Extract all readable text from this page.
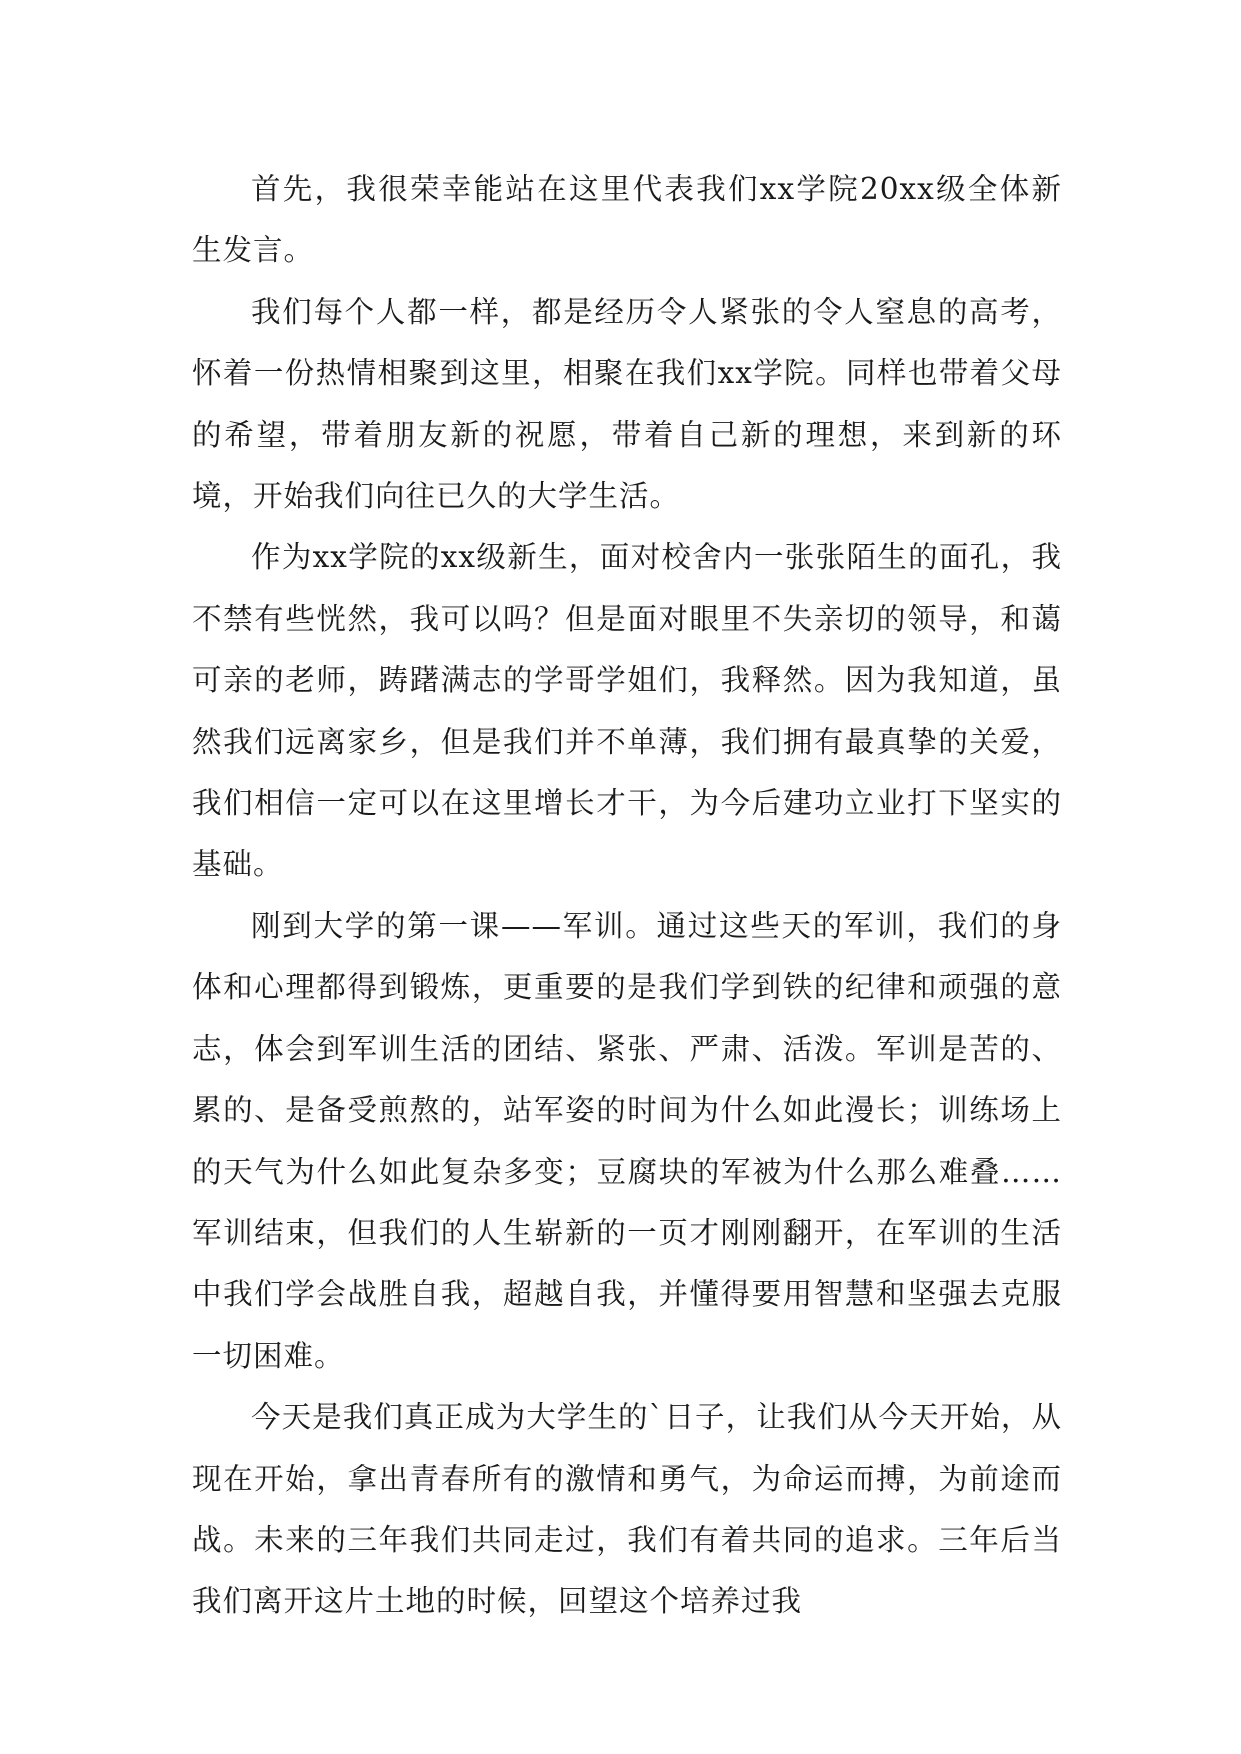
首先，我很荣幸能站在这里代表我们xx学院20xx级全体新生发言。

我们每个人都一样，都是经历令人紧张的令人窒息的高考，怀着一份热情相聚到这里，相聚在我们xx学院。同样也带着父母的希望，带着朋友新的祝愿，带着自己新的理想，来到新的环境，开始我们向往已久的大学生活。

作为xx学院的xx级新生，面对校舍内一张张陌生的面孔，我不禁有些恍然，我可以吗？但是面对眼里不失亲切的领导，和蔼可亲的老师，踌躇满志的学哥学姐们，我释然。因为我知道，虽然我们远离家乡，但是我们并不单薄，我们拥有最真挚的关爱，我们相信一定可以在这里增长才干，为今后建功立业打下坚实的基础。

刚到大学的第一课——军训。通过这些天的军训，我们的身体和心理都得到锻炼，更重要的是我们学到铁的纪律和顽强的意志，体会到军训生活的团结、紧张、严肃、活泼。军训是苦的、累的、是备受煎熬的，站军姿的时间为什么如此漫长；训练场上的天气为什么如此复杂多变；豆腐块的军被为什么那么难叠……军训结束，但我们的人生崭新的一页才刚刚翻开，在军训的生活中我们学会战胜自我，超越自我，并懂得要用智慧和坚强去克服一切困难。

今天是我们真正成为大学生的`日子，让我们从今天开始，从现在开始，拿出青春所有的激情和勇气，为命运而搏，为前途而战。未来的三年我们共同走过，我们有着共同的追求。三年后当我们离开这片土地的时候，回望这个培养过我
